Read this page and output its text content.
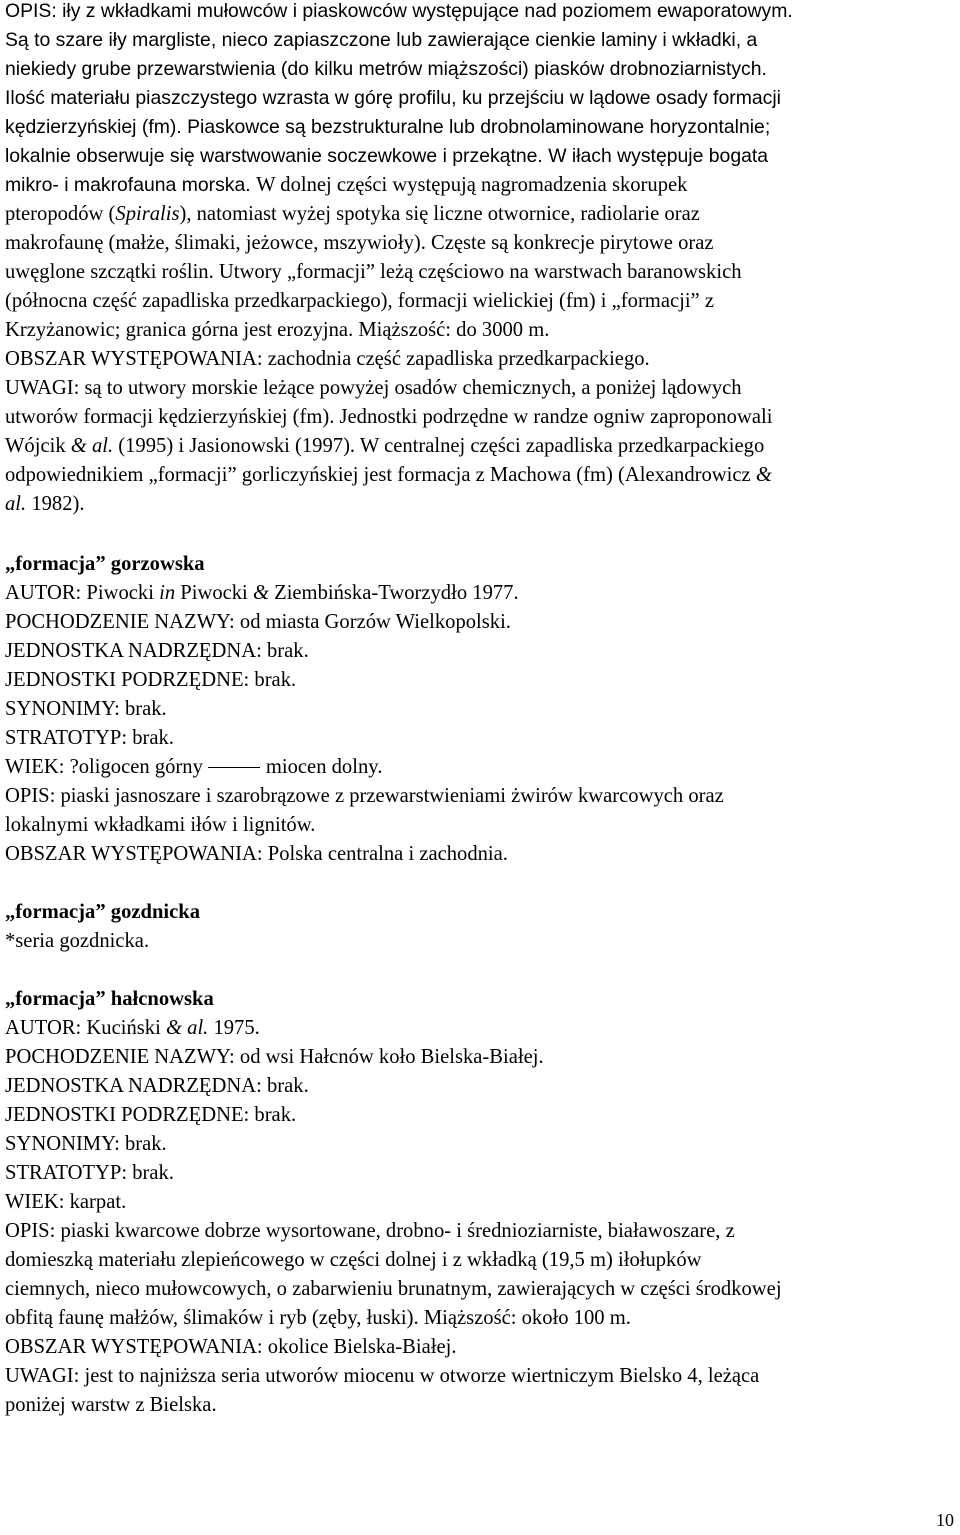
OPIS: iły z wkładkami mułowców i piaskowców występujące nad poziomem ewaporatowym.
Są to szare iły margliste, nieco zapiaszczone lub zawierające cienkie laminy i wkładki, a
niekiedy grube przewarstwienia (do kilku metrów miąższości) piasków drobnoziarnistych.
Ilość materiału piaszczystego wzrasta w górę profilu, ku przejściu w lądowe osady formacji
kędzierzyńskiej (fm). Piaskowce są bezstrukturalne lub drobnolaminowane horyzontalnie;
lokalnie obserwuje się warstwowanie soczewkowe i przekątne. W iłach występuje bogata
mikro- i makrofauna morska. W dolnej części występują nagromadzenia skorupek
pteropodów (Spiralis), natomiast wyżej spotyka się liczne otwornice, radiolarie oraz
makrofaunę (małże, ślimaki, jeżowce, mszywioły). Częste są konkrecje pirytowe oraz
uwęglone szczątki roślin. Utwory „formacji” leżą częściowo na warstwach baranowskich
(północna część zapadliska przedkarpackiego), formacji wielickiej (fm) i „formacji” z
Krzyżanowic; granica górna jest erozyjna. Miąższość: do 3000 m.
OBSZAR WYSTĘPOWANIA: zachodnia część zapadliska przedkarpackiego.
UWAGI: są to utwory morskie leżące powyżej osadów chemicznych, a poniżej lądowych
utworów formacji kędzierzyńskiej (fm). Jednostki podrzędne w randze ogniw zaproponowali
Wójcik & al. (1995) i Jasionowski (1997). W centralnej części zapadliska przedkarpackiego
odpowiednikiem „formacji” gorliczyńskiej jest formacja z Machowa (fm) (Alexandrowicz &
al. 1982).
„formacja” gorzowska
AUTOR: Piwocki in Piwocki & Ziembińska-Tworzydło 1977.
POCHODZENIE NAZWY: od miasta Gorzów Wielkopolski.
JEDNOSTKA NADRZĘDNA: brak.
JEDNOSTKI PODRZĘDNE: brak.
SYNONIMY: brak.
STRATOTYP: brak.
WIEK: ?oligocen górny	miocen dolny.
OPIS: piaski jasnoszare i szarobrązowe z przewarstwieniami żwirów kwarcowych oraz
lokalnymi wkładkami iłów i lignitów.
OBSZAR WYSTĘPOWANIA: Polska centralna i zachodnia.
„formacja” gozdnicka
*seria gozdnicka.
„formacja” hałcnowska
AUTOR: Kuciński & al. 1975.
POCHODZENIE NAZWY: od wsi Hałcnów koło Bielska-Białej.
JEDNOSTKA NADRZĘDNA: brak.
JEDNOSTKI PODRZĘDNE: brak.
SYNONIMY: brak.
STRATOTYP: brak.
WIEK: karpat.
OPIS: piaski kwarcowe dobrze wysortowane, drobno- i średnioziarniste, białawoszare, z
domieszką materiału zlepieńcowego w części dolnej i z wkładką (19,5 m) iłołupków
ciemnych, nieco mułowcowych, o zabarwieniu brunatnym, zawierających w części środkowej
obfitą faunę małżów, ślimaków i ryb (zęby, łuski). Miąższość: około 100 m.
OBSZAR WYSTĘPOWANIA: okolice Bielska-Białej.
UWAGI: jest to najniższa seria utworów miocenu w otworze wiertniczym Bielsko 4, leżąca
poniżej warstw z Bielska.
10
